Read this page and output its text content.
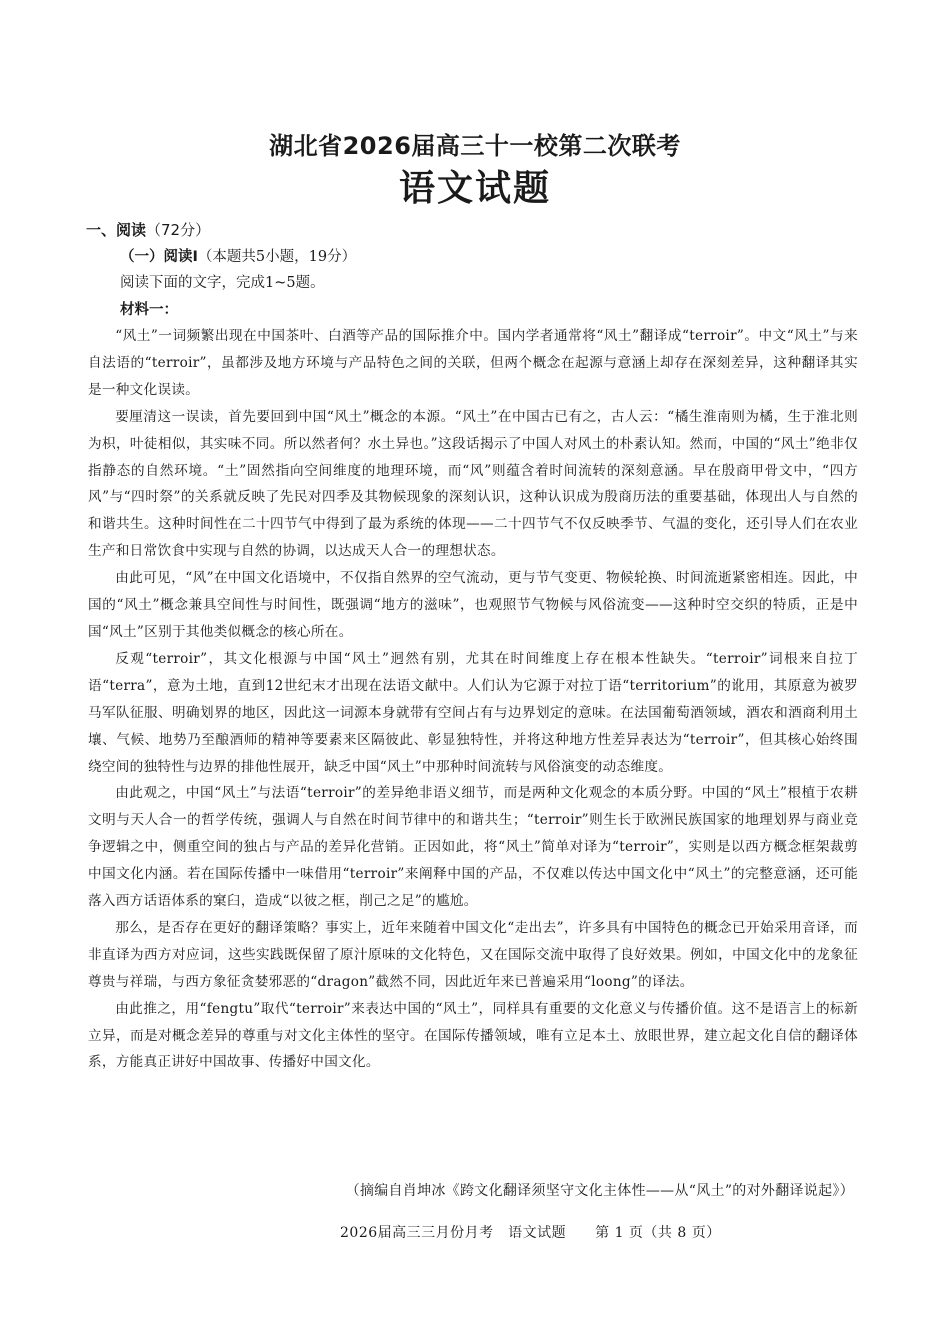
湖北省2026届高三十一校第二次联考
语文试题
一、阅读（72分）
（一）阅读I（本题共5小题，19分）
阅读下面的文字，完成1~5题。
材料一：

“风土”一词频繁出现在中国茶叶、白酒等产品的国际推介中。国内学者通常将“风土”翻译成“terroir”。中文“风土”与来自法语的“terroir”，虽都涉及地方环境与产品特色之间的关联，但两个概念在起源与意涵上却存在深刻差异，这种翻译其实是一种文化误读。

要厘清这一误读，首先要回到中国“风土”概念的本源。“风土”在中国古已有之，古人云：“橘生淮南则为橘，生于淮北则为枳，叶徒相似，其实味不同。所以然者何？水土异也。”这段话揭示了中国人对风土的朴素认知。然而，中国的“风土”绝非仅指静态的自然环境。“土”固然指向空间维度的地理环境，而“风”则蕴含着时间流转的深刻意涵。早在殷商甲骨文中，“四方风”与“四时祭”的关系就反映了先民对四季及其物候现象的深刻认识，这种认识成为殷商历法的重要基础，体现出人与自然的和谐共生。这种时间性在二十四节气中得到了最为系统的体现——二十四节气不仅反映季节、气温的变化，还引导人们在农业生产和日常饮食中实现与自然的协调，以达成天人合一的理想状态。

由此可见，“风”在中国文化语境中，不仅指自然界的空气流动，更与节气变更、物候轮换、时间流逝紧密相连。因此，中国的“风土”概念兼具空间性与时间性，既强调“地方的滋味”，也观照节气物候与风俗流变——这种时空交织的特质，正是中国“风土”区别于其他类似概念的核心所在。

反观“terroir”，其文化根源与中国“风土”迥然有别，尤其在时间维度上存在根本性缺失。“terroir”词根来自拉丁语“terra”，意为土地，直到12世纪末才出现在法语文献中。人们认为它源于对拉丁语“territorium”的讹用，其原意为被罗马军队征服、明确划界的地区，因此这一词源本身就带有空间占有与边界划定的意味。在法国葡萄酒领域，酒农和酒商利用土壤、气候、地势乃至酿酒师的精神等要素来区隔彼此、彰显独特性，并将这种地方性差异表达为“terroir”，但其核心始终围绕空间的独特性与边界的排他性展开，缺乏中国“风土”中那种时间流转与风俗演变的动态维度。

由此观之，中国“风土”与法语“terroir”的差异绝非语义细节，而是两种文化观念的本质分野。中国的“风土”根植于农耕文明与天人合一的哲学传统，强调人与自然在时间节律中的和谐共生；“terroir”则生长于欧洲民族国家的地理划界与商业竞争逻辑之中，侧重空间的独占与产品的差异化营销。正因如此，将“风土”简单对译为“terroir”，实则是以西方概念框架裁剪中国文化内涵。若在国际传播中一味借用“terroir”来阐释中国的产品，不仅难以传达中国文化中“风土”的完整意涵，还可能落入西方话语体系的窠臼，造成“以彼之框，削己之足”的尴尬。

那么，是否存在更好的翻译策略？事实上，近年来随着中国文化“走出去”，许多具有中国特色的概念已开始采用音译，而非直译为西方对应词，这些实践既保留了原汁原味的文化特色，又在国际交流中取得了良好效果。例如，中国文化中的龙象征尊贵与祥瑞，与西方象征贪婪邪恶的“dragon”截然不同，因此近年来已普遍采用“loong”的译法。

由此推之，用“fengtu”取代“terroir”来表达中国的“风土”，同样具有重要的文化意义与传播价值。这不是语言上的标新立异，而是对概念差异的尊重与对文化主体性的坚守。在国际传播领域，唯有立足本土、放眼世界，建立起文化自信的翻译体系，方能真正讲好中国故事、传播好中国文化。

（摘编自肖坤冰《跨文化翻译须坚守文化主体性——从“风土”的对外翻译说起》）
2026届高三三月份月考　语文试题　　第 1 页（共 8 页）
